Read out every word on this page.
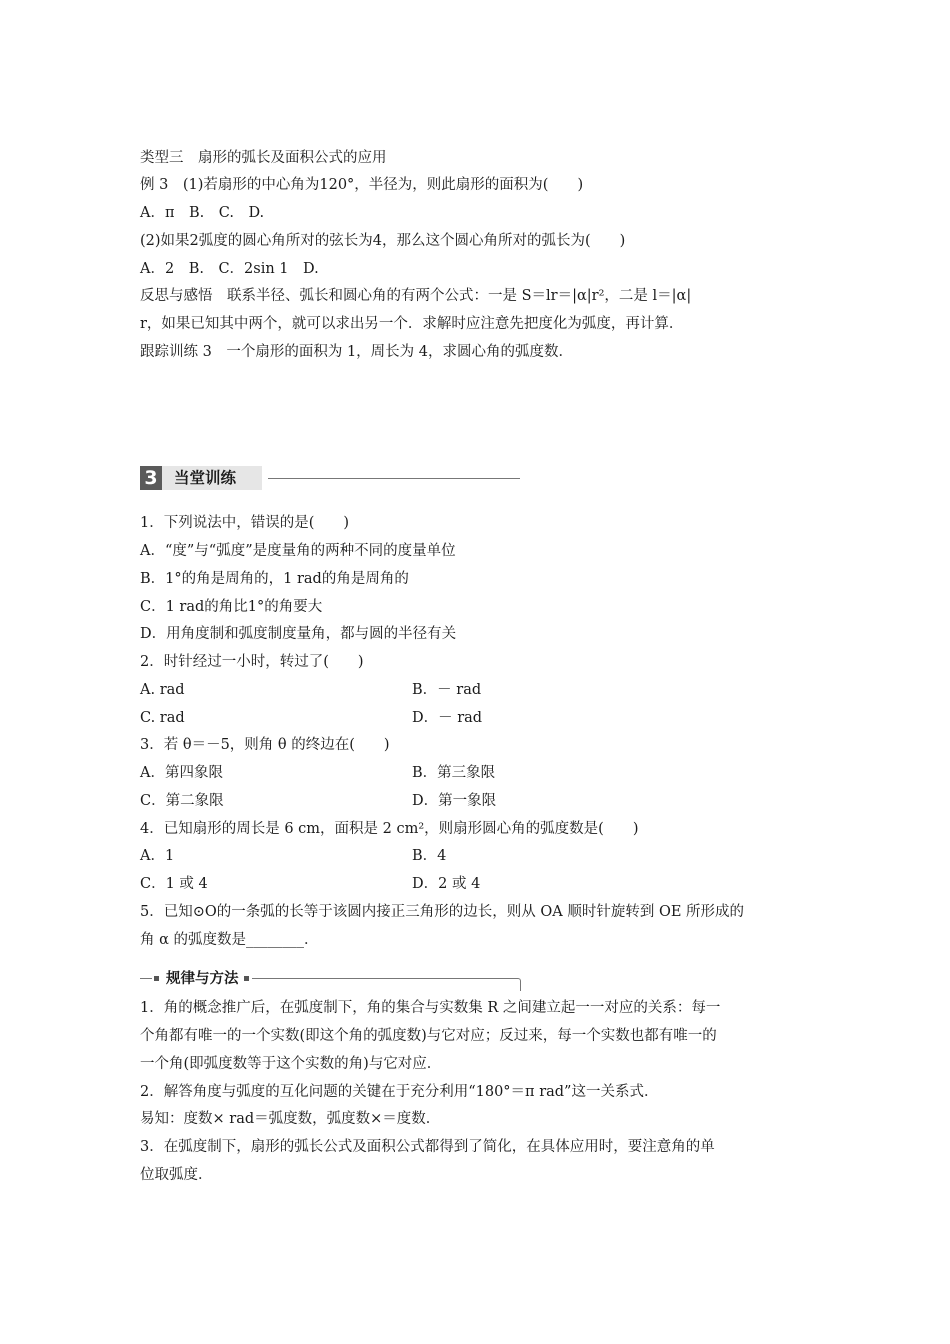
类型三　扇形的弧长及面积公式的应用
例 3　(1)若扇形的中心角为120°，半径为，则此扇形的面积为(　　)
A．π　B.　C.　D.
(2)如果2弧度的圆心角所对的弦长为4，那么这个圆心角所对的弧长为(　　)
A．2　B.　C．2sin 1　D.
反思与感悟　联系半径、弧长和圆心角的有两个公式：一是 S＝lr＝|α|r²，二是 l＝|α|
r，如果已知其中两个，就可以求出另一个．求解时应注意先把度化为弧度，再计算．
跟踪训练 3　一个扇形的面积为 1，周长为 4，求圆心角的弧度数．
3	当堂训练
1．下列说法中，错误的是(　　)
A．“度”与“弧度”是度量角的两种不同的度量单位
B．1°的角是周角的，1 rad的角是周角的
C．1 rad的角比1°的角要大
D．用角度制和弧度制度量角，都与圆的半径有关
2．时针经过一小时，转过了(　　)
A. rad	B．－ rad
C. rad	D．－ rad
3．若 θ＝－5，则角 θ 的终边在(　　)
A．第四象限	B．第三象限
C．第二象限	D．第一象限
4．已知扇形的周长是 6 cm，面积是 2 cm²，则扇形圆心角的弧度数是(　　)
A．1	B．4
C．1 或 4	D．2 或 4
5．已知⊙O的一条弧的长等于该圆内接正三角形的边长，则从 OA 顺时针旋转到 OE 所形成的
角 α 的弧度数是________．
规律与方法
1．角的概念推广后，在弧度制下，角的集合与实数集 R 之间建立起一一对应的关系：每一
个角都有唯一的一个实数(即这个角的弧度数)与它对应；反过来，每一个实数也都有唯一的
一个角(即弧度数等于这个实数的角)与它对应．
2．解答角度与弧度的互化问题的关键在于充分利用“180°＝π rad”这一关系式．
易知：度数× rad＝弧度数，弧度数×＝度数．
3．在弧度制下，扇形的弧长公式及面积公式都得到了简化，在具体应用时，要注意角的单
位取弧度．
